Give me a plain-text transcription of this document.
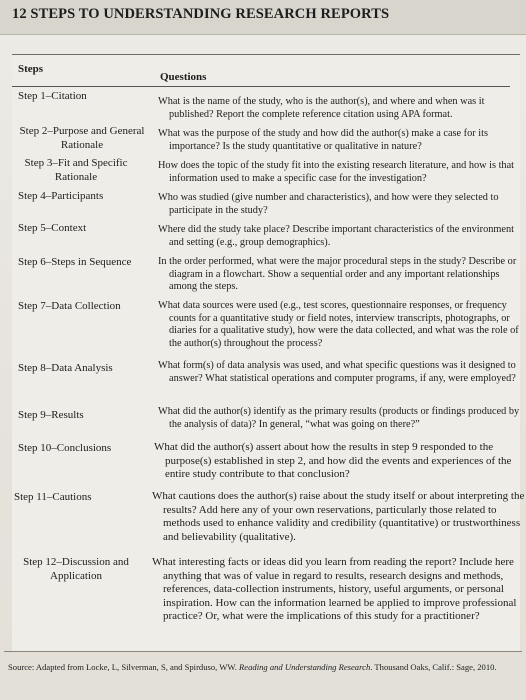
12 STEPS TO UNDERSTANDING RESEARCH REPORTS
Steps
Questions
Step 1–Citation
Step 2–Purpose and General Rationale
Step 3–Fit and Specific Rationale
Step 4–Participants
Step 5–Context
Step 6–Steps in Sequence
Step 7–Data Collection
Step 8–Data Analysis
Step 9–Results
Step 10–Conclusions
Step 11–Cautions
Step 12–Discussion and Application
What is the name of the study, who is the author(s), and where and when was it published? Report the complete reference citation using APA format.
What was the purpose of the study and how did the author(s) make a case for its importance? Is the study quantitative or qualitative in nature?
How does the topic of the study fit into the existing research literature, and how is that information used to make a specific case for the investigation?
Who was studied (give number and characteristics), and how were they selected to participate in the study?
Where did the study take place? Describe important characteristics of the environment and setting (e.g., group demographics).
In the order performed, what were the major procedural steps in the study? Describe or diagram in a flowchart. Show a sequential order and any important relationships among the steps.
What data sources were used (e.g., test scores, questionnaire responses, or frequency counts for a quantitative study or field notes, interview transcripts, photographs, or diaries for a qualitative study), how were the data collected, and what was the role of the author(s) throughout the process?
What form(s) of data analysis was used, and what specific questions was it designed to answer? What statistical operations and computer programs, if any, were employed?
What did the author(s) identify as the primary results (products or findings produced by the analysis of data)? In general, “what was going on there?”
What did the author(s) assert about how the results in step 9 responded to the purpose(s) established in step 2, and how did the events and experiences of the entire study contribute to that conclusion?
What cautions does the author(s) raise about the study itself or about interpreting the results? Add here any of your own reservations, particularly those related to methods used to enhance validity and credibility (quantitative) or trustworthiness and believability (qualitative).
What interesting facts or ideas did you learn from reading the report? Include here anything that was of value in regard to results, research designs and methods, references, data-collection instruments, history, useful arguments, or personal inspiration. How can the information learned be applied to improve professional practice? Or, what were the implications of this study for a practitioner?
Source: Adapted from Locke, L, Silverman, S, and Spirduso, WW. Reading and Understanding Research. Thousand Oaks, Calif.: Sage, 2010.
